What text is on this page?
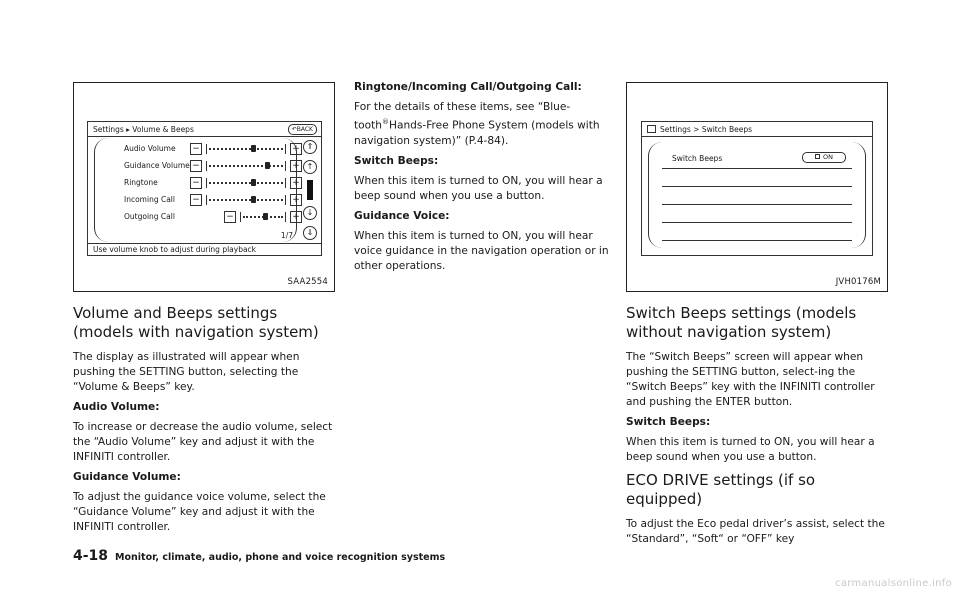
Settings ▸ Volume & Beeps	↶BACK
Audio Volume −	+
Guidance Volume −	+
Ringtone	−	+
Incoming Call −	+
Outgoing Call	−	+
⇑
↑
↓
⇓
1/7
Use volume knob to adjust during playback
SAA2554
Volume and Beeps settings (models with navigation system)

The display as illustrated will appear when pushing the SETTING button, selecting the “Volume & Beeps” key.

Audio Volume:

To increase or decrease the audio volume, select the “Audio Volume” key and adjust it with the INFINITI controller.

Guidance Volume:

To adjust the guidance voice volume, select the “Guidance Volume” key and adjust it with the INFINITI controller.

Ringtone/Incoming Call/Outgoing Call:

For the details of these items, see “Blue-tooth®Hands-Free Phone System (models with navigation system)” (P.4-84).

Switch Beeps:

When this item is turned to ON, you will hear a beep sound when you use a button.

Guidance Voice:

When this item is turned to ON, you will hear voice guidance in the navigation operation or in other operations.

Settings > Switch Beeps
Switch Beeps	ON
JVH0176M
Switch Beeps settings (models without navigation system)

The “Switch Beeps” screen will appear when pushing the SETTING button, select-ing the “Switch Beeps” key with the INFINITI controller and pushing the ENTER button.

Switch Beeps:

When this item is turned to ON, you will hear a beep sound when you use a button.

ECO DRIVE settings (if so equipped)

To adjust the Eco pedal driver’s assist, select the “Standard”, “Soft“ or “OFF” key

4-18 Monitor, climate, audio, phone and voice recognition systems
carmanualsonline.info
